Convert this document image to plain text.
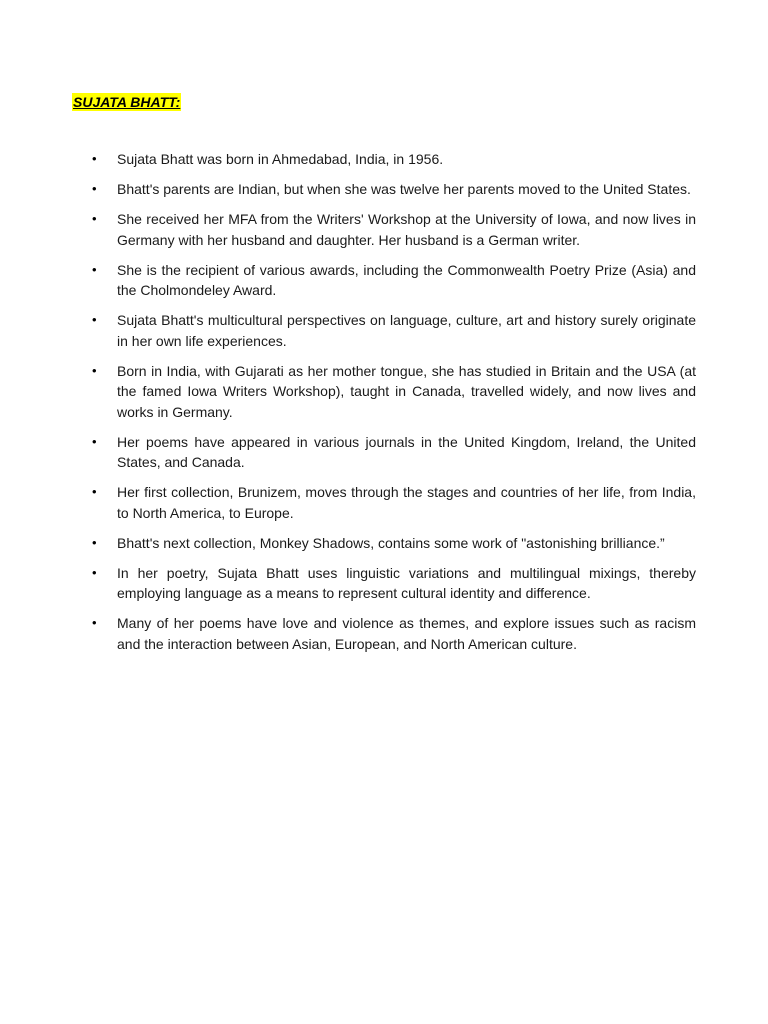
SUJATA BHATT:
•	Sujata Bhatt was born in Ahmedabad, India, in 1956.
•	Bhatt's parents are Indian, but when she was twelve her parents moved to the United States.
•	She received her MFA from the Writers' Workshop at the University of Iowa, and now lives in Germany with her husband and daughter. Her husband is a German writer.
•	She is the recipient of various awards, including the Commonwealth Poetry Prize (Asia) and the Cholmondeley Award.
•	Sujata Bhatt's multicultural perspectives on language, culture, art and history surely originate in her own life experiences.
•	Born in India, with Gujarati as her mother tongue, she has studied in Britain and the USA (at the famed Iowa Writers Workshop), taught in Canada, travelled widely, and now lives and works in Germany.
•	Her poems have appeared in various journals in the United Kingdom, Ireland, the United States, and Canada.
•	Her first collection, Brunizem, moves through the stages and countries of her life, from India, to North America, to Europe.
•	Bhatt's next collection, Monkey Shadows, contains some work of "astonishing brilliance.”
•	In her poetry, Sujata Bhatt uses linguistic variations and multilingual mixings, thereby employing language as a means to represent cultural identity and difference.
•	Many of her poems have love and violence as themes, and explore issues such as racism and the interaction between Asian, European, and North American culture.
